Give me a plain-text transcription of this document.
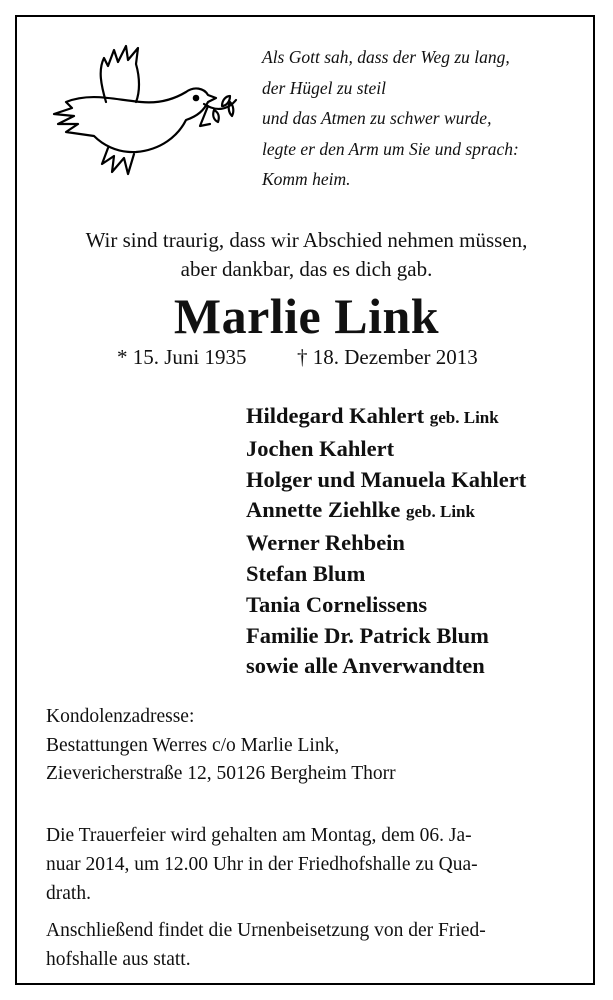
Als Gott sah, dass der Weg zu lang,
der Hügel zu steil
und das Atmen zu schwer wurde,
legte er den Arm um Sie und sprach:
Komm heim.
Wir sind traurig, dass wir Abschied nehmen müssen,
aber dankbar, das es dich gab.
Marlie Link
* 15. Juni 1935 † 18. Dezember 2013
Hildegard Kahlert geb. Link
Jochen Kahlert
Holger und Manuela Kahlert
Annette Ziehlke geb. Link
Werner Rehbein
Stefan Blum
Tania Cornelissens
Familie Dr. Patrick Blum
sowie alle Anverwandten
Kondolenzadresse:
Bestattungen Werres c/o Marlie Link,
Zievericherstraße 12, 50126 Bergheim Thorr

Die Trauerfeier wird gehalten am Montag, dem 06. Ja-
nuar 2014, um 12.00 Uhr in der Friedhofshalle zu Qua-
drath.

Anschließend findet die Urnenbeisetzung von der Fried-
hofshalle aus statt.
